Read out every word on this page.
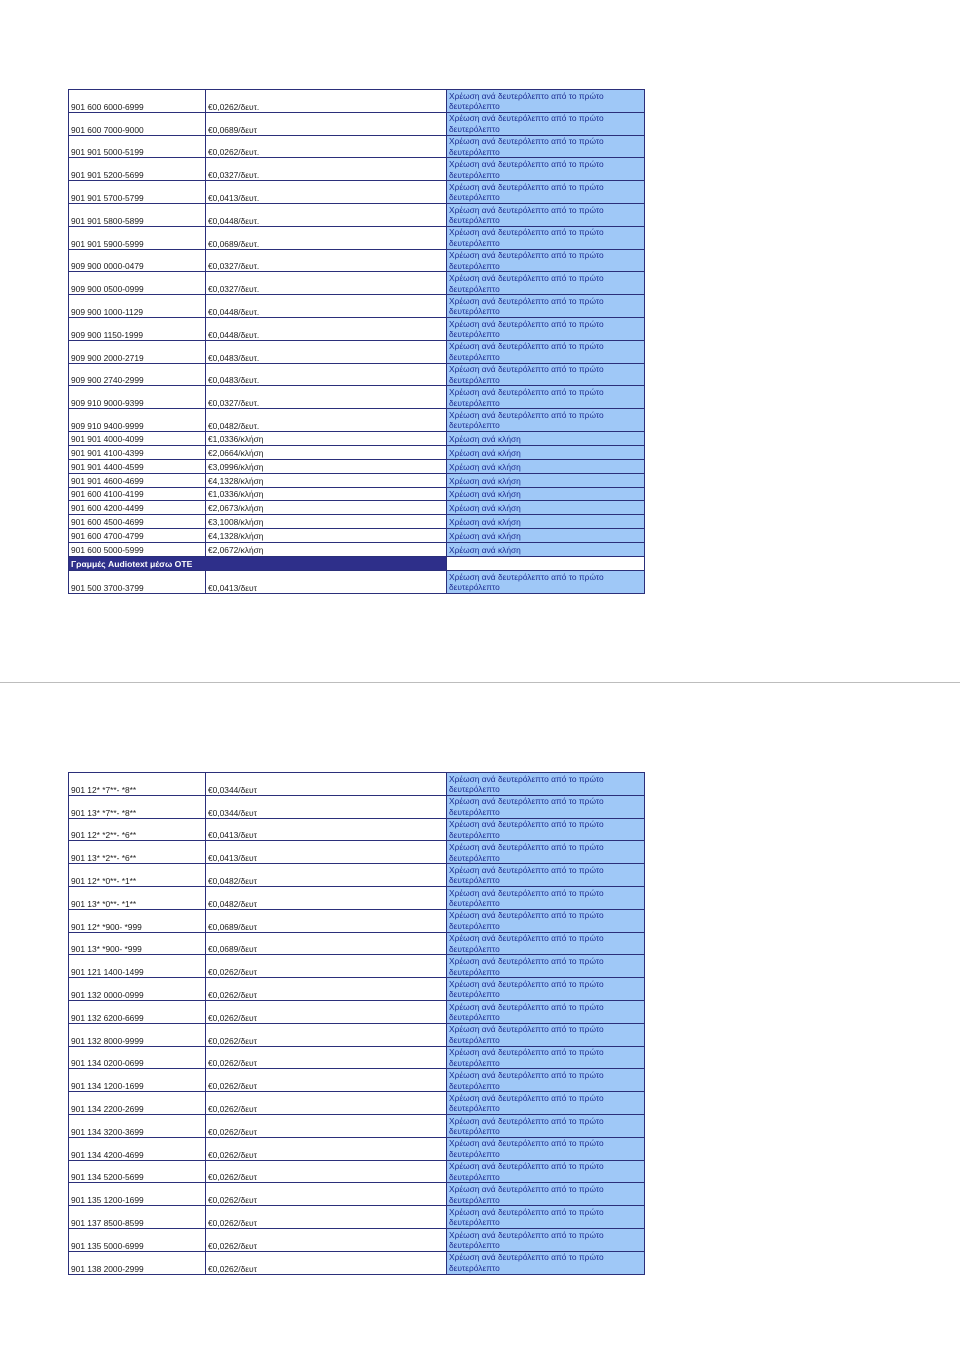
901 600 6000-6999	€0,0262/δευτ.	Χρέωση ανά δευτερόλεπτο από το πρώτο δευτερόλεπτο
901 600 7000-9000	€0,0689/δευτ	Χρέωση ανά δευτερόλεπτο από το πρώτο δευτερόλεπτο
901 901 5000-5199	€0,0262/δευτ.	Χρέωση ανά δευτερόλεπτο από το πρώτο δευτερόλεπτο
901 901 5200-5699	€0,0327/δευτ.	Χρέωση ανά δευτερόλεπτο από το πρώτο δευτερόλεπτο
901 901 5700-5799	€0,0413/δευτ.	Χρέωση ανά δευτερόλεπτο από το πρώτο δευτερόλεπτο
901 901 5800-5899	€0,0448/δευτ.	Χρέωση ανά δευτερόλεπτο από το πρώτο δευτερόλεπτο
901 901 5900-5999	€0,0689/δευτ.	Χρέωση ανά δευτερόλεπτο από το πρώτο δευτερόλεπτο
909 900 0000-0479	€0,0327/δευτ.	Χρέωση ανά δευτερόλεπτο από το πρώτο δευτερόλεπτο
909 900 0500-0999	€0,0327/δευτ.	Χρέωση ανά δευτερόλεπτο από το πρώτο δευτερόλεπτο
909 900 1000-1129	€0,0448/δευτ.	Χρέωση ανά δευτερόλεπτο από το πρώτο δευτερόλεπτο
909 900 1150-1999	€0,0448/δευτ.	Χρέωση ανά δευτερόλεπτο από το πρώτο δευτερόλεπτο
909 900 2000-2719	€0,0483/δευτ.	Χρέωση ανά δευτερόλεπτο από το πρώτο δευτερόλεπτο
909 900 2740-2999	€0,0483/δευτ.	Χρέωση ανά δευτερόλεπτο από το πρώτο δευτερόλεπτο
909 910 9000-9399	€0,0327/δευτ.	Χρέωση ανά δευτερόλεπτο από το πρώτο δευτερόλεπτο
909 910 9400-9999	€0,0482/δευτ.	Χρέωση ανά δευτερόλεπτο από το πρώτο δευτερόλεπτο
901 901 4000-4099	€1,0336/κλήση	Χρέωση ανά κλήση
901 901 4100-4399	€2,0664/κλήση	Χρέωση ανά κλήση
901 901 4400-4599	€3,0996/κλήση	Χρέωση ανά κλήση
901 901 4600-4699	€4,1328/κλήση	Χρέωση ανά κλήση
901 600 4100-4199	€1,0336/κλήση	Χρέωση ανά κλήση
901 600 4200-4499	€2,0673/κλήση	Χρέωση ανά κλήση
901 600 4500-4699	€3,1008/κλήση	Χρέωση ανά κλήση
901 600 4700-4799	€4,1328/κλήση	Χρέωση ανά κλήση
901 600 5000-5999	€2,0672/κλήση	Χρέωση ανά κλήση
Γραμμές Audiotext μέσω ΟΤΕ		
901 500 3700-3799	€0,0413/δευτ	Χρέωση ανά δευτερόλεπτο από το πρώτο δευτερόλεπτο
901 12* *7**- *8**	€0,0344/δευτ	Χρέωση ανά δευτερόλεπτο από το πρώτο δευτερόλεπτο
901 13* *7**- *8**	€0,0344/δευτ	Χρέωση ανά δευτερόλεπτο από το πρώτο δευτερόλεπτο
901 12* *2**- *6**	€0,0413/δευτ	Χρέωση ανά δευτερόλεπτο από το πρώτο δευτερόλεπτο
901 13* *2**- *6**	€0,0413/δευτ	Χρέωση ανά δευτερόλεπτο από το πρώτο δευτερόλεπτο
901 12* *0**- *1**	€0,0482/δευτ	Χρέωση ανά δευτερόλεπτο από το πρώτο δευτερόλεπτο
901 13* *0**- *1**	€0,0482/δευτ	Χρέωση ανά δευτερόλεπτο από το πρώτο δευτερόλεπτο
901 12* *900- *999	€0,0689/δευτ	Χρέωση ανά δευτερόλεπτο από το πρώτο δευτερόλεπτο
901 13* *900- *999	€0,0689/δευτ	Χρέωση ανά δευτερόλεπτο από το πρώτο δευτερόλεπτο
901 121 1400-1499	€0,0262/δευτ	Χρέωση ανά δευτερόλεπτο από το πρώτο δευτερόλεπτο
901 132 0000-0999	€0,0262/δευτ	Χρέωση ανά δευτερόλεπτο από το πρώτο δευτερόλεπτο
901 132 6200-6699	€0,0262/δευτ	Χρέωση ανά δευτερόλεπτο από το πρώτο δευτερόλεπτο
901 132 8000-9999	€0,0262/δευτ	Χρέωση ανά δευτερόλεπτο από το πρώτο δευτερόλεπτο
901 134 0200-0699	€0,0262/δευτ	Χρέωση ανά δευτερόλεπτο από το πρώτο δευτερόλεπτο
901 134 1200-1699	€0,0262/δευτ	Χρέωση ανά δευτερόλεπτο από το πρώτο δευτερόλεπτο
901 134 2200-2699	€0,0262/δευτ	Χρέωση ανά δευτερόλεπτο από το πρώτο δευτερόλεπτο
901 134 3200-3699	€0,0262/δευτ	Χρέωση ανά δευτερόλεπτο από το πρώτο δευτερόλεπτο
901 134 4200-4699	€0,0262/δευτ	Χρέωση ανά δευτερόλεπτο από το πρώτο δευτερόλεπτο
901 134 5200-5699	€0,0262/δευτ	Χρέωση ανά δευτερόλεπτο από το πρώτο δευτερόλεπτο
901 135 1200-1699	€0,0262/δευτ	Χρέωση ανά δευτερόλεπτο από το πρώτο δευτερόλεπτο
901 137 8500-8599	€0,0262/δευτ	Χρέωση ανά δευτερόλεπτο από το πρώτο δευτερόλεπτο
901 135 5000-6999	€0,0262/δευτ	Χρέωση ανά δευτερόλεπτο από το πρώτο δευτερόλεπτο
901 138 2000-2999	€0,0262/δευτ	Χρέωση ανά δευτερόλεπτο από το πρώτο δευτερόλεπτο
